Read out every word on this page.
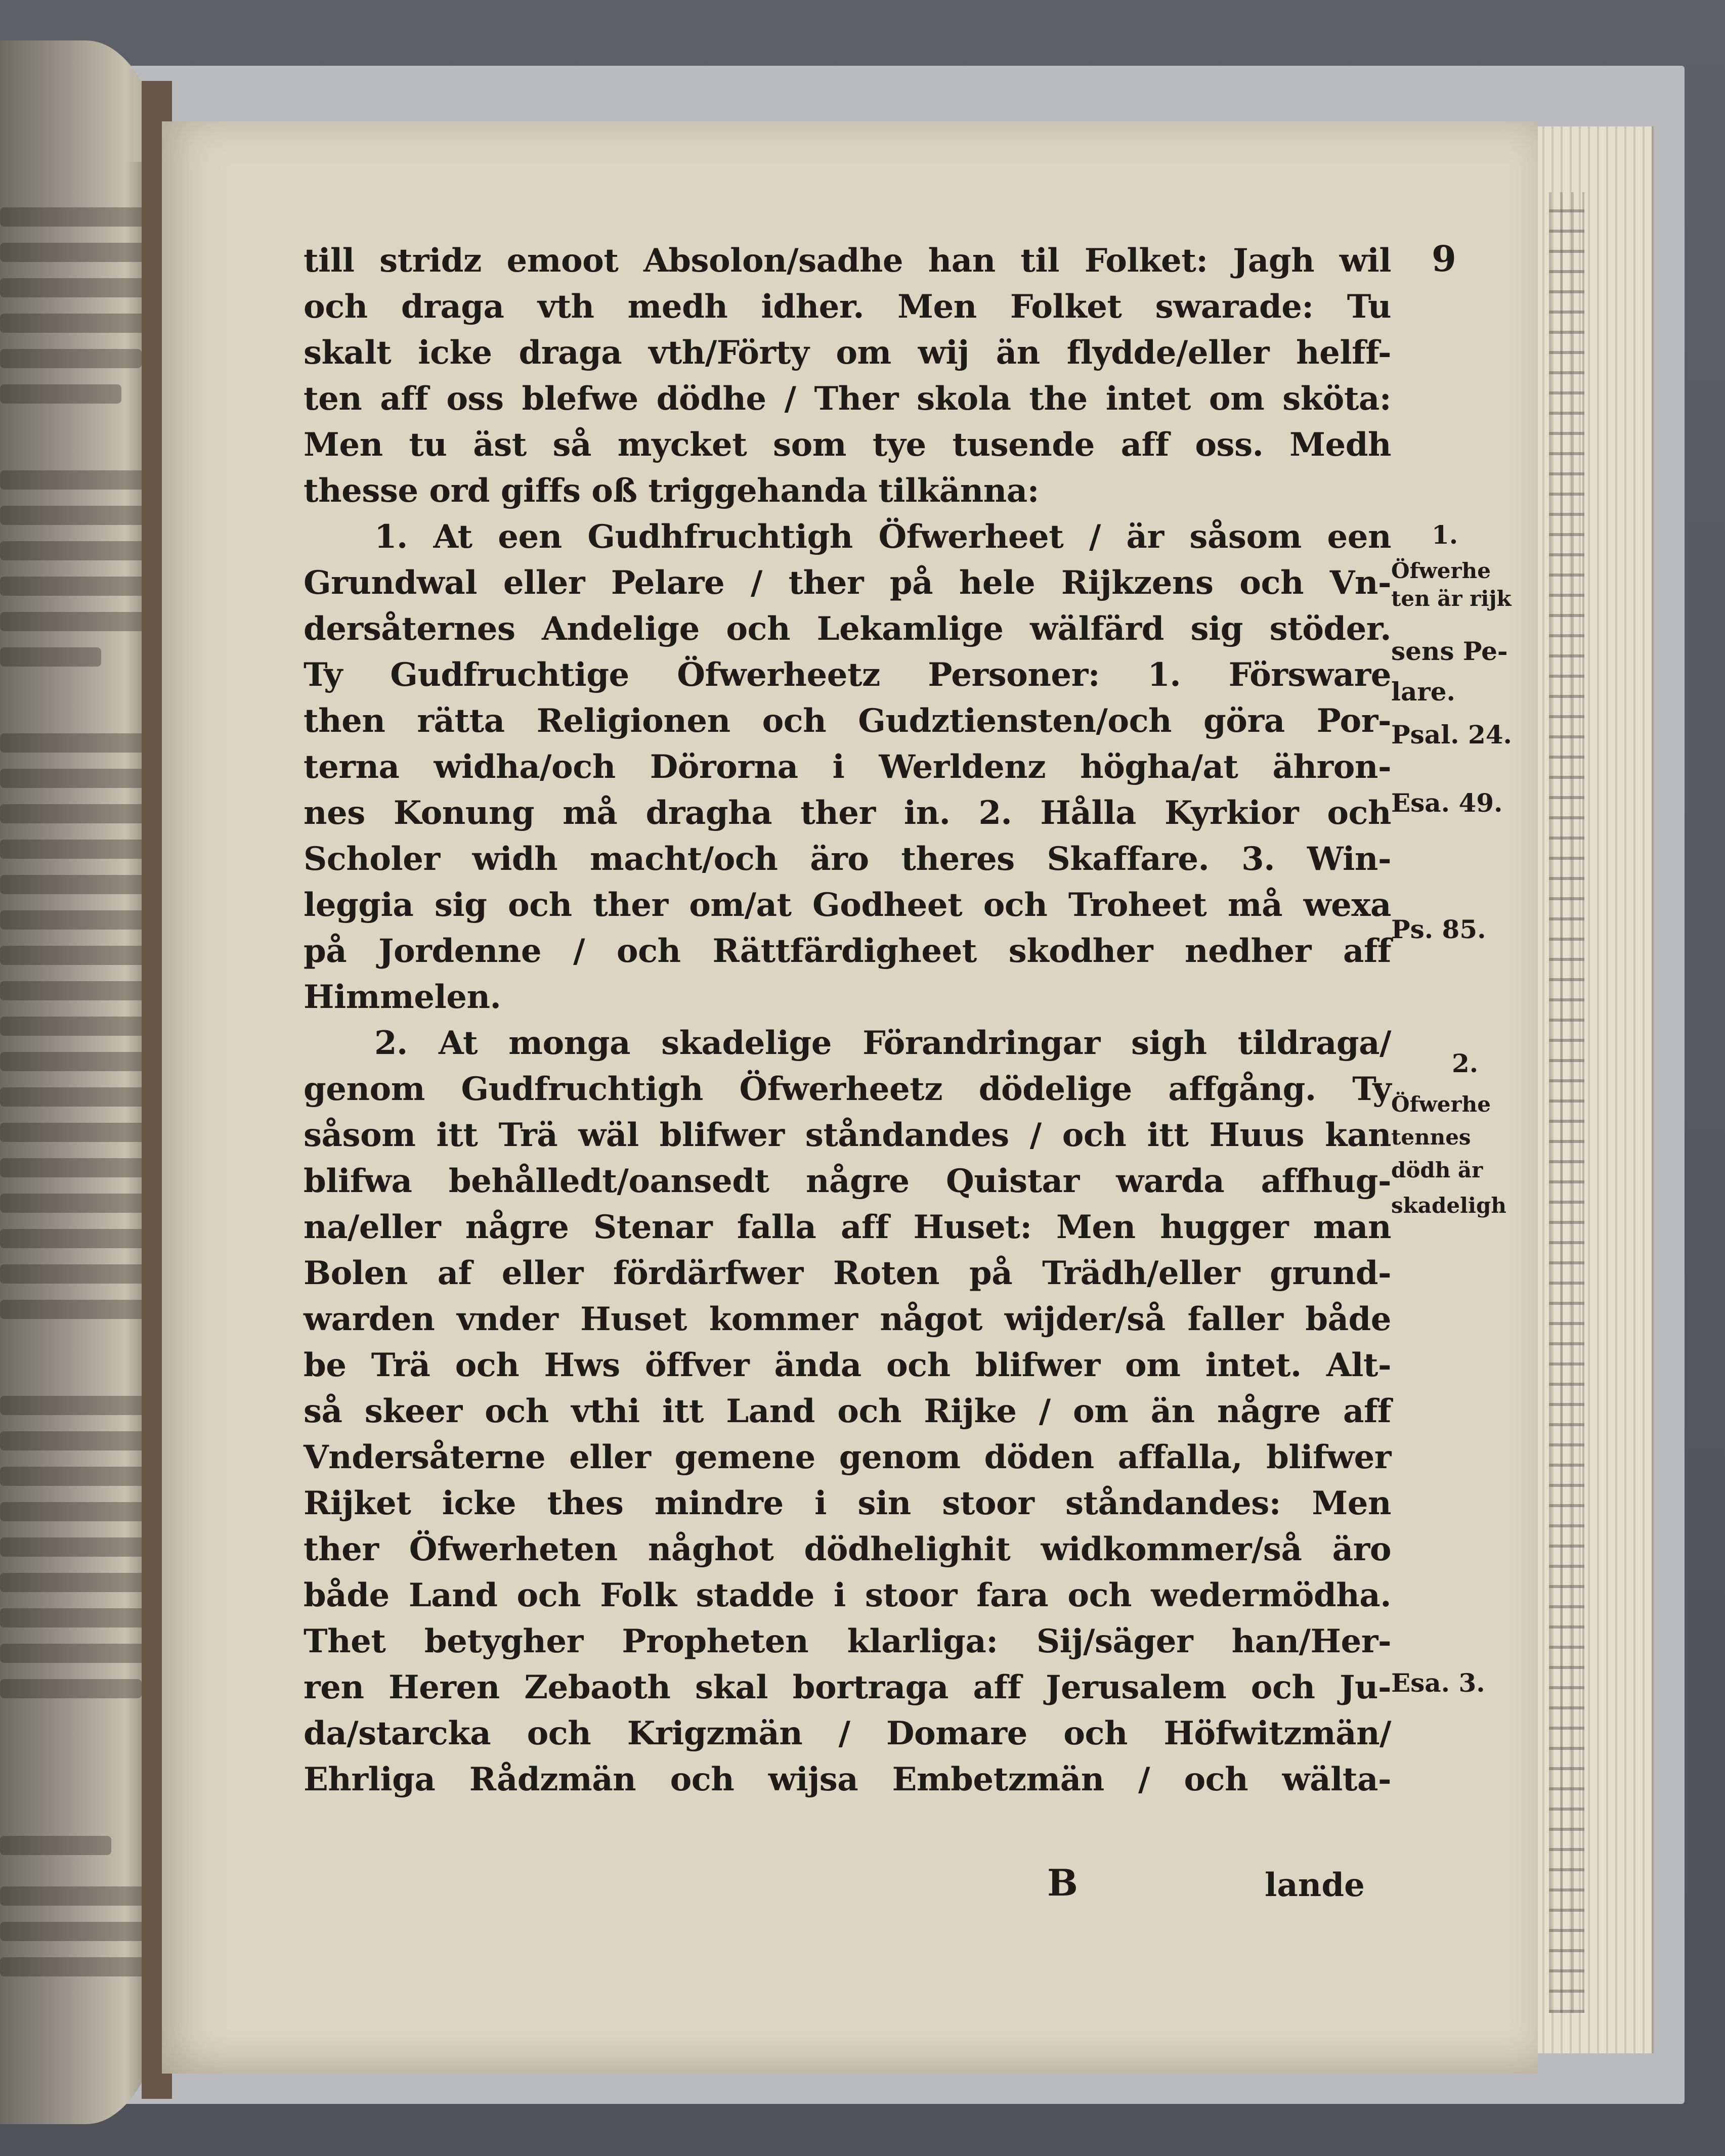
9
till stridz emoot Absolon/sadhe han til Folket: Jagh wil
och draga vth medh idher. Men Folket swarade: Tu
skalt icke draga vth/Förty om wij än flydde/eller helff-
ten aff oss blefwe dödhe / Ther skola the intet om sköta:
Men tu äst så mycket som tye tusende aff oss. Medh
thesse ord giffs oß triggehanda tilkänna:
1. At een Gudhfruchtigh Öfwerheet / är såsom een
Grundwal eller Pelare / ther på hele Rijkzens och Vn-
dersåternes Andelige och Lekamlige wälfärd sig stöder.
Ty Gudfruchtige Öfwerheetz Personer: 1. Försware
then rätta Religionen och Gudztiensten/och göra Por-
terna widha/och Dörorna i Werldenz högha/at ähron-
nes Konung må dragha ther in. 2. Hålla Kyrkior och
Scholer widh macht/och äro theres Skaffare. 3. Win-
leggia sig och ther om/at Godheet och Troheet må wexa
på Jordenne / och Rättfärdigheet skodher nedher aff
Himmelen.
2. At monga skadelige Förandringar sigh tildraga/
genom Gudfruchtigh Öfwerheetz dödelige affgång. Ty
såsom itt Trä wäl blifwer ståndandes / och itt Huus kan
blifwa behålledt/oansedt någre Quistar warda affhug-
na/eller någre Stenar falla aff Huset: Men hugger man
Bolen af eller fördärfwer Roten på Trädh/eller grund-
warden vnder Huset kommer något wijder/så faller både
be Trä och Hws öffver ända och blifwer om intet. Alt-
så skeer och vthi itt Land och Rijke / om än någre aff
Vndersåterne eller gemene genom döden affalla, blifwer
Rijket icke thes mindre i sin stoor ståndandes: Men
ther Öfwerheten någhot dödhelighit widkommer/så äro
både Land och Folk stadde i stoor fara och wedermödha.
Thet betygher Propheten klarliga: Sij/säger han/Her-
ren Heren Zebaoth skal bortraga aff Jerusalem och Ju-
da/starcka och Krigzmän / Domare och Höfwitzmän/
Ehrliga Rådzmän och wijsa Embetzmän / och wältа-
1.
Öfwerhe
ten är rijk
sens Pe-
lare.
Psal. 24.
Esa. 49.
Ps. 85.
2.
Öfwerhe
tennes
dödh är
skadeligh
Esa. 3.
B	lande
